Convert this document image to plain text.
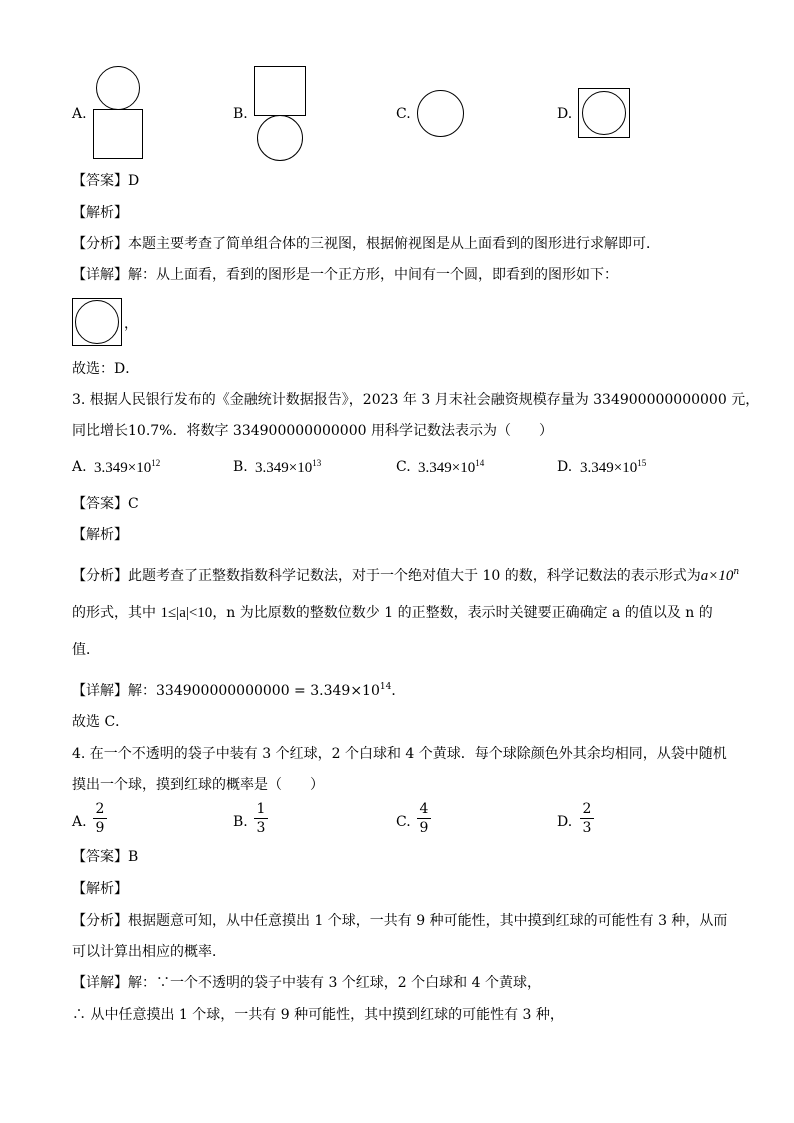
A.	B.	C.	D.
【答案】D
【解析】
【分析】本题主要考查了简单组合体的三视图，根据俯视图是从上面看到的图形进行求解即可．
【详解】解：从上面看，看到的图形是一个正方形，中间有一个圆，即看到的图形如下：
，
故选：D．
3. 根据人民银行发布的《金融统计数据报告》，2023 年 3 月末社会融资规模存量为 334900000000000 元，
同比增长10.7%．将数字 334900000000000 用科学记数法表示为（　　）
A. $3.349\times 10^{12}$	B. $3.349\times 10^{13}$	C. $3.349\times 10^{14}$	D. $3.349\times 10^{15}$
【答案】C
【解析】
【分析】此题考查了正整数指数科学记数法，对于一个绝对值大于 10 的数，科学记数法的表示形式为$a\times 10^n$
的形式，其中 1≤|a|<10，n 为比原数的整数位数少 1 的正整数，表示时关键要正确确定 a 的值以及 n 的
值．
【详解】解：$334900000000000 = 3.349\times 10^{14}$．
故选 C．
4. 在一个不透明的袋子中装有 3 个红球，2 个白球和 4 个黄球．每个球除颜色外其余均相同，从袋中随机
摸出一个球，摸到红球的概率是（　　）
A.
2
9	B.
1
3	C.
4
9	D.
2
3
【答案】B
【解析】
【分析】根据题意可知，从中任意摸出 1 个球，一共有 9 种可能性，其中摸到红球的可能性有 3 种，从而
可以计算出相应的概率．
【详解】解：∵一个不透明的袋子中装有 3 个红球，2 个白球和 4 个黄球，
∴ 从中任意摸出 1 个球，一共有 9 种可能性，其中摸到红球的可能性有 3 种，
